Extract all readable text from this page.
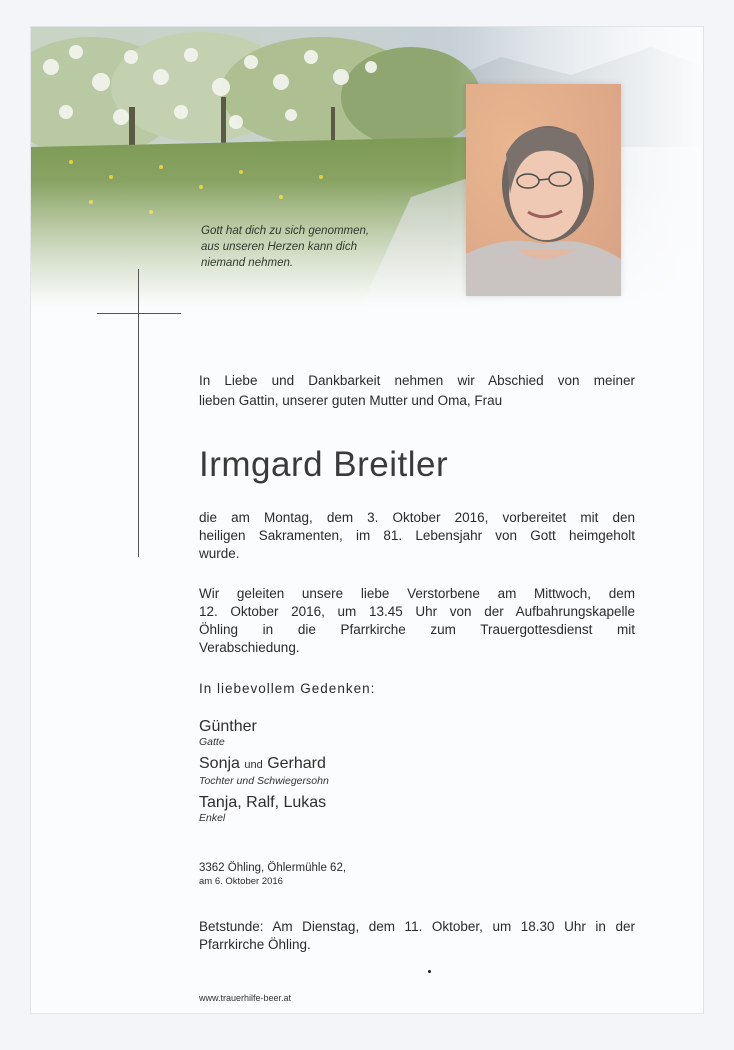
Gott hat dich zu sich genommen,
aus unseren Herzen kann dich
niemand nehmen.
In Liebe und Dankbarkeit nehmen wir Abschied von meiner
lieben Gattin, unserer guten Mutter und Oma, Frau
Irmgard Breitler
die am Montag, dem 3. Oktober 2016, vorbereitet mit den
heiligen Sakramenten, im 81. Lebensjahr von Gott heimgeholt
wurde.
Wir geleiten unsere liebe Verstorbene am Mittwoch, dem
12. Oktober 2016, um 13.45 Uhr von der Aufbahrungskapelle
Öhling in die Pfarrkirche zum Trauergottesdienst mit
Verabschiedung.
In liebevollem Gedenken:
Günther
Gatte
Sonja und Gerhard
Tochter und Schwiegersohn
Tanja, Ralf, Lukas
Enkel
3362 Öhling, Öhlermühle 62,
am 6. Oktober 2016
Betstunde: Am Dienstag, dem 11. Oktober, um 18.30 Uhr in der
Pfarrkirche Öhling.
www.trauerhilfe-beer.at
